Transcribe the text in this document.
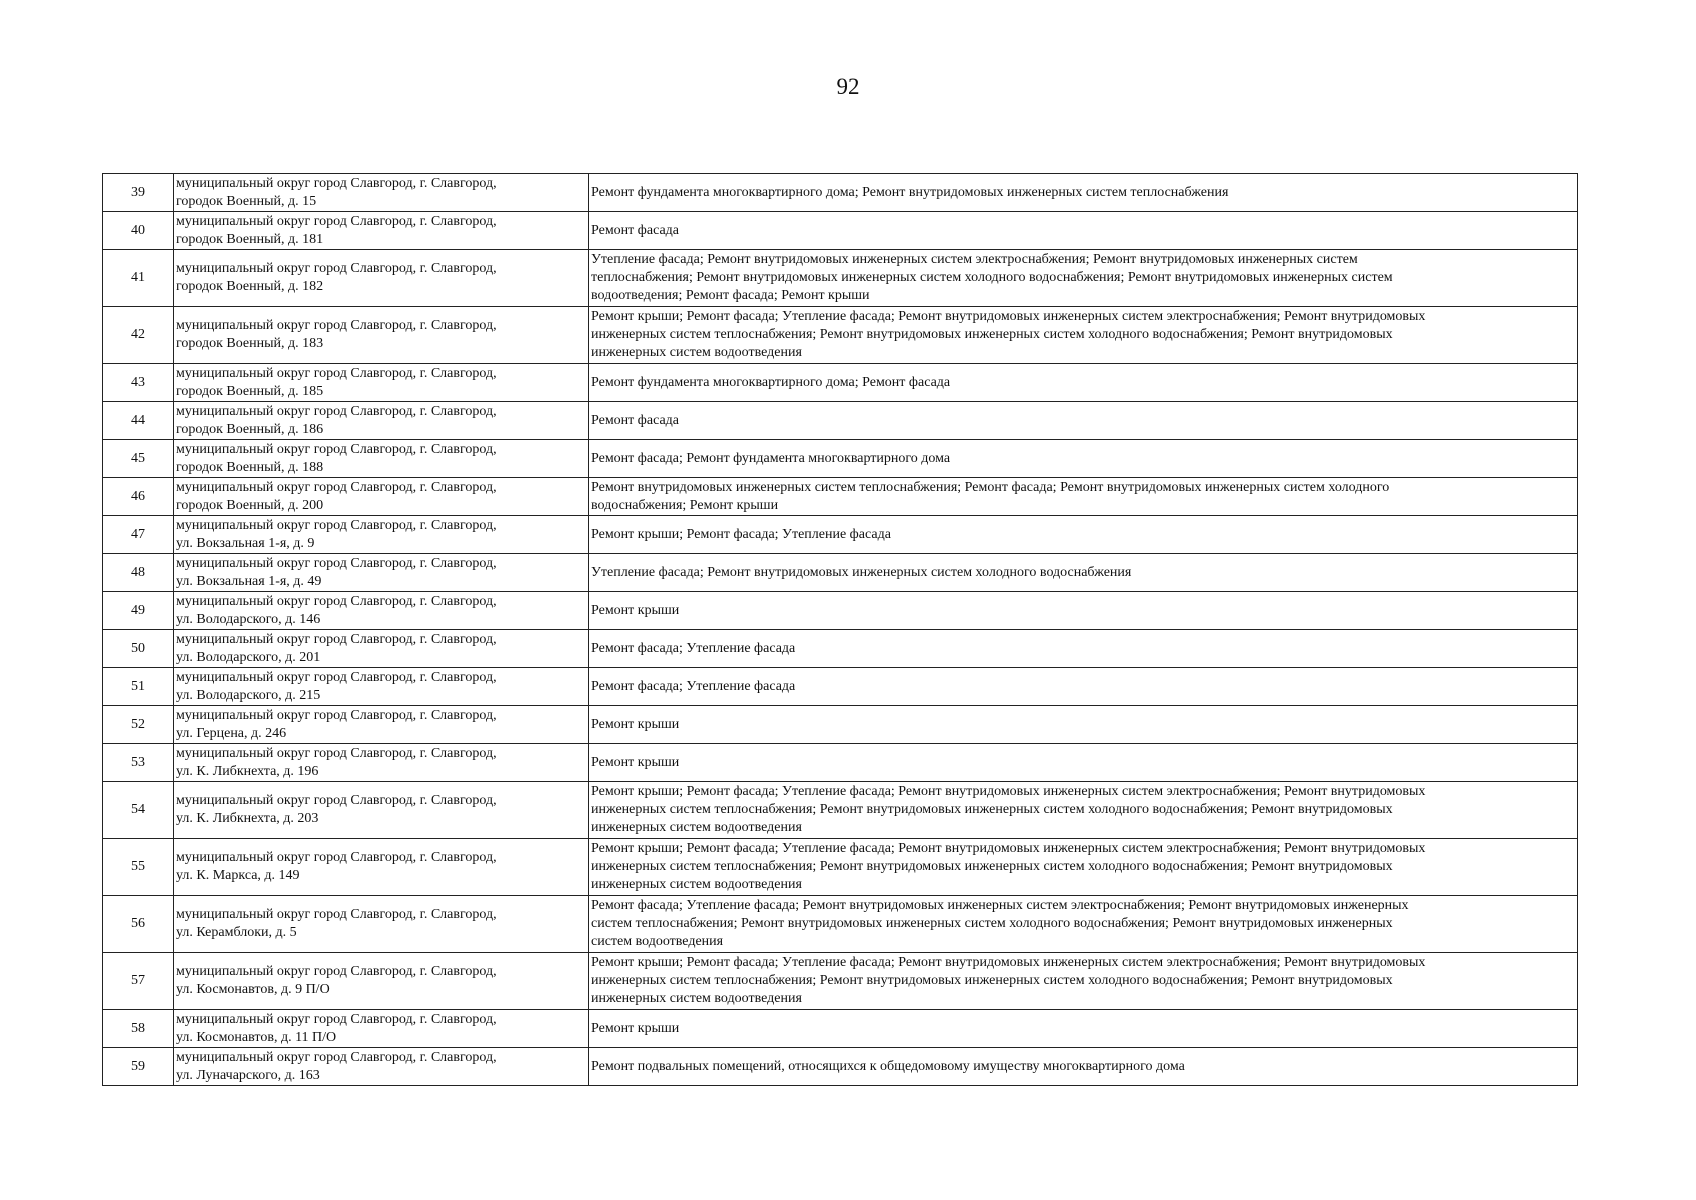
92
39	муниципальный округ город Славгород, г. Славгород,
городок Военный, д. 15	Ремонт фундамента многоквартирного дома; Ремонт внутридомовых инженерных систем теплоснабжения

40	муниципальный округ город Славгород, г. Славгород,
городок Военный, д. 181	Ремонт фасада

41	муниципальный округ город Славгород, г. Славгород,
городок Военный, д. 182	Утепление фасада; Ремонт внутридомовых инженерных систем электроснабжения; Ремонт внутридомовых инженерных систем
теплоснабжения; Ремонт внутридомовых инженерных систем холодного водоснабжения; Ремонт внутридомовых инженерных систем
водоотведения; Ремонт фасада; Ремонт крыши

42	муниципальный округ город Славгород, г. Славгород,
городок Военный, д. 183	Ремонт крыши; Ремонт фасада; Утепление фасада; Ремонт внутридомовых инженерных систем электроснабжения; Ремонт внутридомовых
инженерных систем теплоснабжения; Ремонт внутридомовых инженерных систем холодного водоснабжения; Ремонт внутридомовых
инженерных систем водоотведения

43	муниципальный округ город Славгород, г. Славгород,
городок Военный, д. 185	Ремонт фундамента многоквартирного дома; Ремонт фасада

44	муниципальный округ город Славгород, г. Славгород,
городок Военный, д. 186	Ремонт фасада

45	муниципальный округ город Славгород, г. Славгород,
городок Военный, д. 188	Ремонт фасада; Ремонт фундамента многоквартирного дома

46	муниципальный округ город Славгород, г. Славгород,
городок Военный, д. 200	Ремонт внутридомовых инженерных систем теплоснабжения; Ремонт фасада; Ремонт внутридомовых инженерных систем холодного
водоснабжения; Ремонт крыши

47	муниципальный округ город Славгород, г. Славгород,
ул. Вокзальная 1-я, д. 9	Ремонт крыши; Ремонт фасада; Утепление фасада

48	муниципальный округ город Славгород, г. Славгород,
ул. Вокзальная 1-я, д. 49	Утепление фасада; Ремонт внутридомовых инженерных систем холодного водоснабжения

49	муниципальный округ город Славгород, г. Славгород,
ул. Володарского, д. 146	Ремонт крыши

50	муниципальный округ город Славгород, г. Славгород,
ул. Володарского, д. 201	Ремонт фасада; Утепление фасада

51	муниципальный округ город Славгород, г. Славгород,
ул. Володарского, д. 215	Ремонт фасада; Утепление фасада

52	муниципальный округ город Славгород, г. Славгород,
ул. Герцена, д. 246	Ремонт крыши

53	муниципальный округ город Славгород, г. Славгород,
ул. К. Либкнехта, д. 196	Ремонт крыши

54	муниципальный округ город Славгород, г. Славгород,
ул. К. Либкнехта, д. 203	Ремонт крыши; Ремонт фасада; Утепление фасада; Ремонт внутридомовых инженерных систем электроснабжения; Ремонт внутридомовых
инженерных систем теплоснабжения; Ремонт внутридомовых инженерных систем холодного водоснабжения; Ремонт внутридомовых
инженерных систем водоотведения

55	муниципальный округ город Славгород, г. Славгород,
ул. К. Маркса, д. 149	Ремонт крыши; Ремонт фасада; Утепление фасада; Ремонт внутридомовых инженерных систем электроснабжения; Ремонт внутридомовых
инженерных систем теплоснабжения; Ремонт внутридомовых инженерных систем холодного водоснабжения; Ремонт внутридомовых
инженерных систем водоотведения

56	муниципальный округ город Славгород, г. Славгород,
ул. Керамблоки, д. 5	Ремонт фасада; Утепление фасада; Ремонт внутридомовых инженерных систем электроснабжения; Ремонт внутридомовых инженерных
систем теплоснабжения; Ремонт внутридомовых инженерных систем холодного водоснабжения; Ремонт внутридомовых инженерных
систем водоотведения

57	муниципальный округ город Славгород, г. Славгород,
ул. Космонавтов, д. 9 П/О	Ремонт крыши; Ремонт фасада; Утепление фасада; Ремонт внутридомовых инженерных систем электроснабжения; Ремонт внутридомовых
инженерных систем теплоснабжения; Ремонт внутридомовых инженерных систем холодного водоснабжения; Ремонт внутридомовых
инженерных систем водоотведения

58	муниципальный округ город Славгород, г. Славгород,
ул. Космонавтов, д. 11 П/О	Ремонт крыши

59	муниципальный округ город Славгород, г. Славгород,
ул. Луначарского, д. 163	Ремонт подвальных помещений, относящихся к общедомовому имуществу многоквартирного дома
